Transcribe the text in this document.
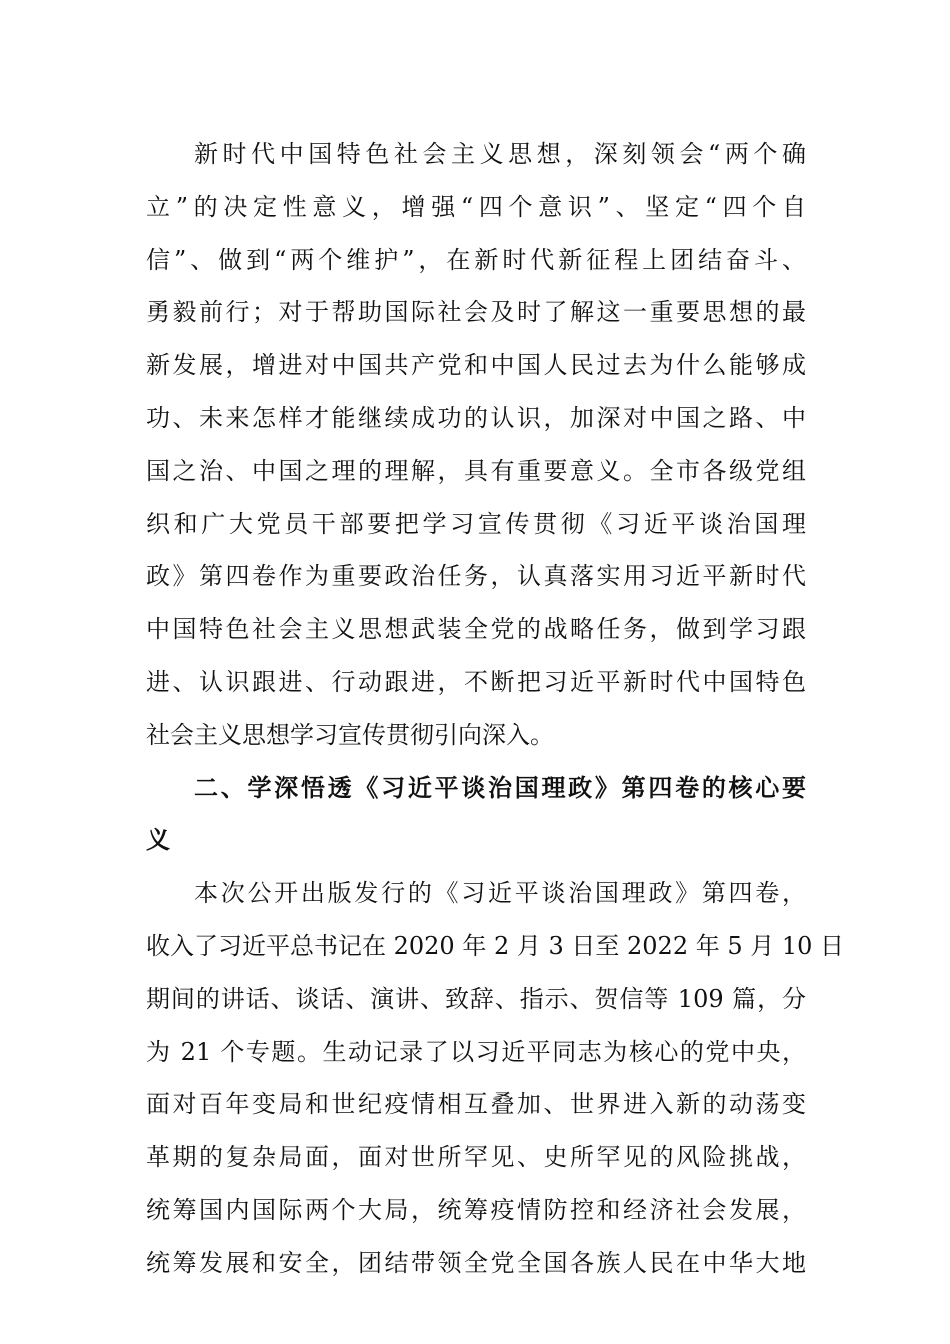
新时代中国特色社会主义思想，深刻领会“两个确
立”的决定性意义，增强“四个意识”、坚定“四个自
信”、做到“两个维护”，在新时代新征程上团结奋斗、
勇毅前行；对于帮助国际社会及时了解这一重要思想的最
新发展，增进对中国共产党和中国人民过去为什么能够成
功、未来怎样才能继续成功的认识，加深对中国之路、中
国之治、中国之理的理解，具有重要意义。全市各级党组
织和广大党员干部要把学习宣传贯彻《习近平谈治国理
政》第四卷作为重要政治任务，认真落实用习近平新时代
中国特色社会主义思想武装全党的战略任务，做到学习跟
进、认识跟进、行动跟进，不断把习近平新时代中国特色
社会主义思想学习宣传贯彻引向深入。
二、学深悟透《习近平谈治国理政》第四卷的核心要
义
本次公开出版发行的《习近平谈治国理政》第四卷，
收入了习近平总书记在 2020 年 2 月 3 日至 2022 年 5 月 10 日
期间的讲话、谈话、演讲、致辞、指示、贺信等 109 篇，分
为 21 个专题。生动记录了以习近平同志为核心的党中央，
面对百年变局和世纪疫情相互叠加、世界进入新的动荡变
革期的复杂局面，面对世所罕见、史所罕见的风险挑战，
统筹国内国际两个大局，统筹疫情防控和经济社会发展，
统筹发展和安全，团结带领全党全国各族人民在中华大地
